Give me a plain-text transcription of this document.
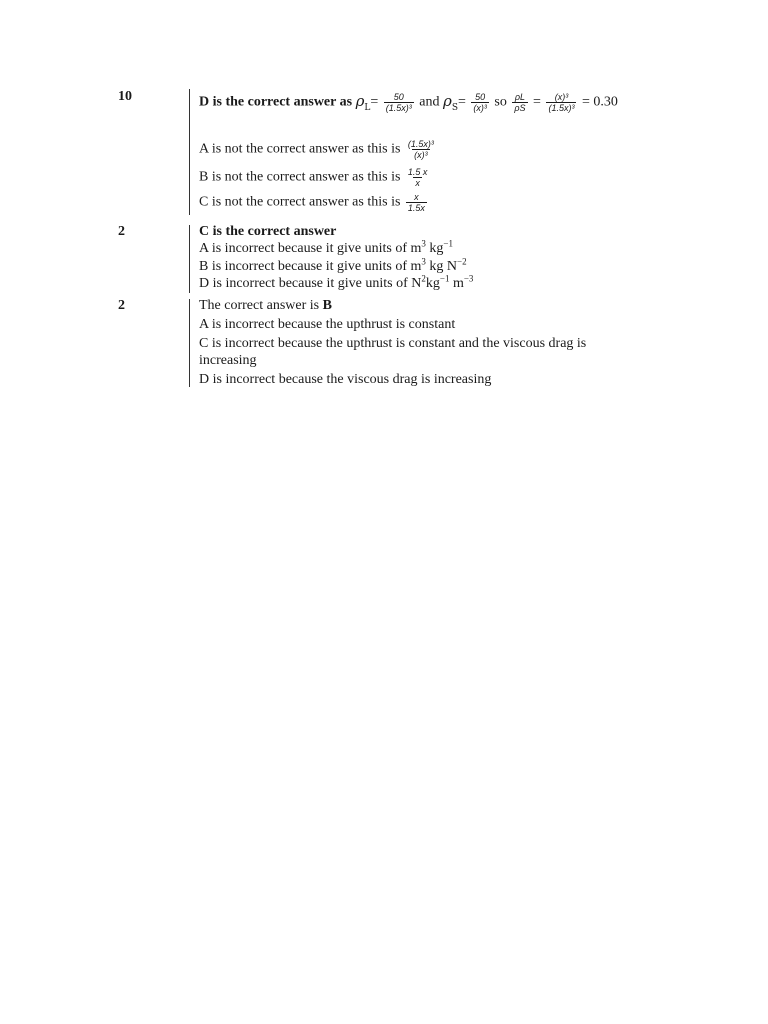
10	D is the correct answer as $\rho_L= \frac{50}{\text{(1.5x)³}}$ and $\rho_S= \frac{50}{\text{(x)³}}$ so $\frac{\rho L}{\rho S} = \frac{\text{(x)³}}{\text{(1.5x)³}} = 0.30$
A is not the correct answer as this is $\frac{\text{(1.5x)³}}{\text{(x)³}}$
B is not the correct answer as this is $\frac{1.5 x}{x}$
C is not the correct answer as this is $\frac{x}{1.5x}$
2	C is the correct answer
A is incorrect because it give units of $m^3$ $kg^{-1}$
B is incorrect because it give units of $m^3$ kg $N^{-2}$
D is incorrect because it give units of $N^2kg^{-1}$ $m^{-3}$
2	The correct answer is B
A is incorrect because the upthrust is constant
C is incorrect because the upthrust is constant and the viscous drag is
increasing
D is incorrect because the viscous drag is increasing
